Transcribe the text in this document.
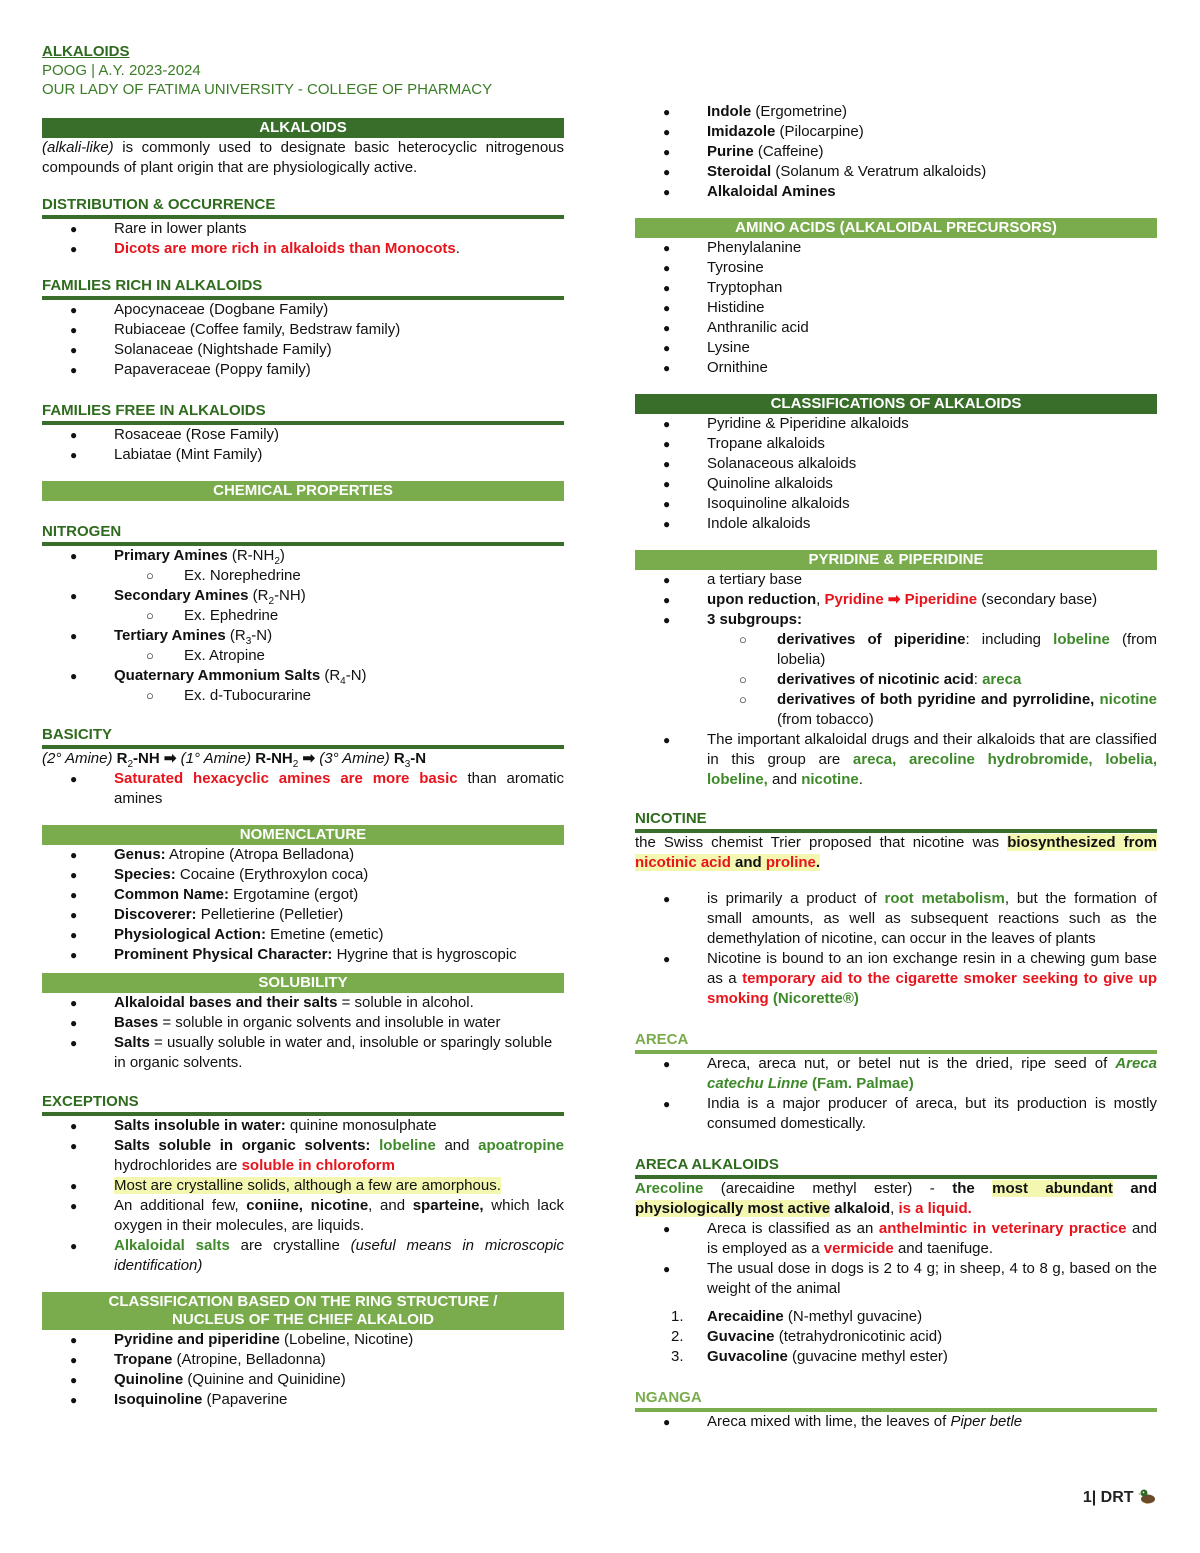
ALKALOIDS
POOG | A.Y. 2023-2024
OUR LADY OF FATIMA UNIVERSITY - COLLEGE OF PHARMACY
ALKALOIDS

(alkali-like) is commonly used to designate basic heterocyclic nitrogenous compounds of plant origin that are physiologically active.

DISTRIBUTION & OCCURRENCE
● Rare in lower plants
● Dicots are more rich in alkaloids than Monocots.
FAMILIES RICH IN ALKALOIDS
● Apocynaceae (Dogbane Family)
● Rubiaceae (Coffee family, Bedstraw family)
● Solanaceae (Nightshade Family)
● Papaveraceae (Poppy family)
FAMILIES FREE IN ALKALOIDS
● Rosaceae (Rose Family)
● Labiatae (Mint Family)
CHEMICAL PROPERTIES
NITROGEN
● Primary Amines $(R-NH_2)$
○ Ex. Norephedrine
● Secondary Amines $(R_2-NH)$
○ Ex. Ephedrine
● Tertiary Amines $(R_3-N)$
○ Ex. Atropine
● Quaternary Ammonium Salts $(R_4-N)$
○ Ex. d-Tubocurarine
BASICITY

(2° Amine) $R_2-NH$ ➡ (1° Amine) $R-NH_2$ ➡ (3° Amine) $R_3-N$

● Saturated hexacyclic amines are more basic than aromatic amines
NOMENCLATURE
● Genus: Atropine (Atropa Belladona)
● Species: Cocaine (Erythroxylon coca)
● Common Name: Ergotamine (ergot)
● Discoverer: Pelletierine (Pelletier)
● Physiological Action: Emetine (emetic)
● Prominent Physical Character: Hygrine that is hygroscopic
SOLUBILITY
● Alkaloidal bases and their salts = soluble in alcohol.
● Bases = soluble in organic solvents and insoluble in water
● Salts = usually soluble in water and, insoluble or sparingly soluble in organic solvents.
EXCEPTIONS
● Salts insoluble in water: quinine monosulphate
● Salts soluble in organic solvents: lobeline and apoatropine hydrochlorides are soluble in chloroform
● Most are crystalline solids, although a few are amorphous.
● An additional few, coniine, nicotine, and sparteine, which lack oxygen in their molecules, are liquids.
● Alkaloidal salts are crystalline (useful means in microscopic identification)
CLASSIFICATION BASED ON THE RING STRUCTURE /
NUCLEUS OF THE CHIEF ALKALOID
● Pyridine and piperidine (Lobeline, Nicotine)
● Tropane (Atropine, Belladonna)
● Quinoline (Quinine and Quinidine)
● Isoquinoline (Papaverine
● Indole (Ergometrine)
● Imidazole (Pilocarpine)
● Purine (Caffeine)
● Steroidal (Solanum & Veratrum alkaloids)
● Alkaloidal Amines
AMINO ACIDS (ALKALOIDAL PRECURSORS)
● Phenylalanine
● Tyrosine
● Tryptophan
● Histidine
● Anthranilic acid
● Lysine
● Ornithine
CLASSIFICATIONS OF ALKALOIDS
● Pyridine & Piperidine alkaloids
● Tropane alkaloids
● Solanaceous alkaloids
● Quinoline alkaloids
● Isoquinoline alkaloids
● Indole alkaloids
PYRIDINE & PIPERIDINE
● a tertiary base
● upon reduction, Pyridine ➡ Piperidine (secondary base)
● 3 subgroups:
○ derivatives of piperidine: including lobeline (from lobelia)
○ derivatives of nicotinic acid: areca
○ derivatives of both pyridine and pyrrolidine, nicotine (from tobacco)
● The important alkaloidal drugs and their alkaloids that are classified in this group are areca, arecoline hydrobromide, lobelia, lobeline, and nicotine.
NICOTINE

the Swiss chemist Trier proposed that nicotine was biosynthesized from nicotinic acid and proline.

● is primarily a product of root metabolism, but the formation of small amounts, as well as subsequent reactions such as the demethylation of nicotine, can occur in the leaves of plants
● Nicotine is bound to an ion exchange resin in a chewing gum base as a temporary aid to the cigarette smoker seeking to give up smoking (Nicorette®)
ARECA
● Areca, areca nut, or betel nut is the dried, ripe seed of Areca catechu Linne (Fam. Palmae)
● India is a major producer of areca, but its production is mostly consumed domestically.
ARECA ALKALOIDS

Arecoline (arecaidine methyl ester) - the most abundant and physiologically most active alkaloid, is a liquid.

● Areca is classified as an anthelmintic in veterinary practice and is employed as a vermicide and taenifuge.
● The usual dose in dogs is 2 to 4 g; in sheep, 4 to 8 g, based on the weight of the animal
1. Arecaidine (N-methyl guvacine)
2. Guvacine (tetrahydronicotinic acid)
3. Guvacoline (guvacine methyl ester)
NGANGA
● Areca mixed with lime, the leaves of Piper betle
1| DRT
